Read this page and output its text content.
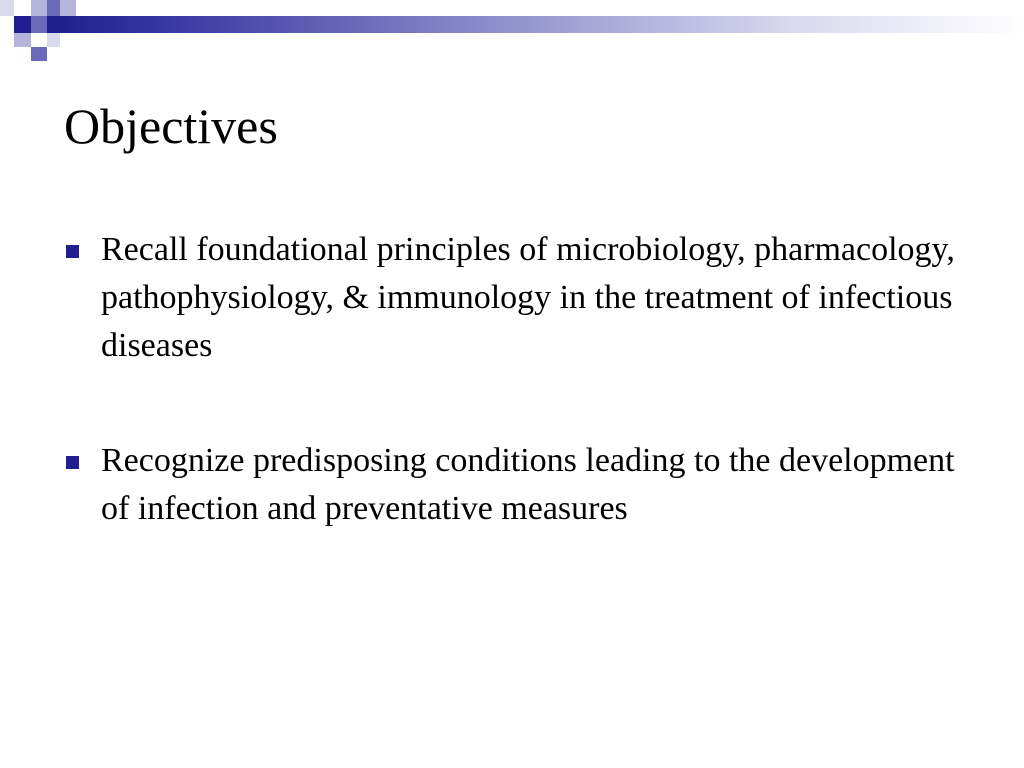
Objectives
Recall foundational principles of microbiology, pharmacology, pathophysiology, & immunology in the treatment of infectious diseases
Recognize predisposing conditions leading to the development of infection and preventative measures
